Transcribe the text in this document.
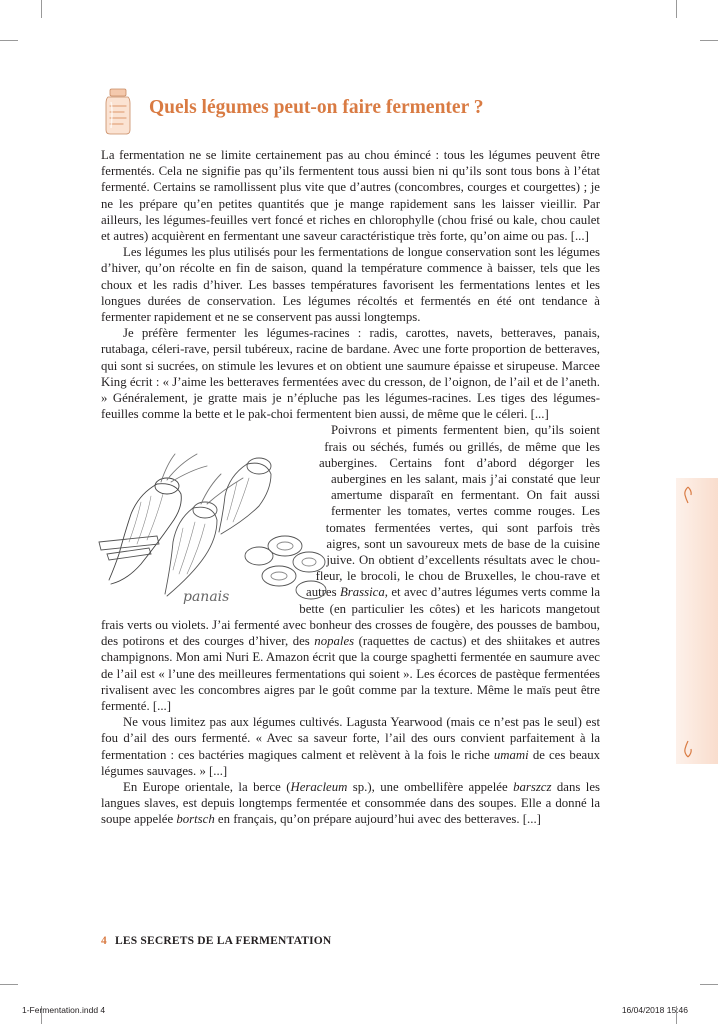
Quels légumes peut-on faire fermenter ?

La fermentation ne se limite certainement pas au chou émincé : tous les légumes peuvent être fermentés. Cela ne signifie pas qu’ils fermentent tous aussi bien ni qu’ils sont tous bons à l’état fermenté. Certains se ramollissent plus vite que d’autres (concombres, courges et courgettes) ; je ne les prépare qu’en petites quantités que je mange rapidement sans les laisser vieillir. Par ailleurs, les légumes-feuilles vert foncé et riches en chlorophylle (chou frisé ou kale, chou caulet et autres) acquièrent en fermentant une saveur caractéristique très forte, qu’on aime ou pas. [...]

Les légumes les plus utilisés pour les fermentations de longue conservation sont les légumes d’hiver, qu’on récolte en fin de saison, quand la température commence à baisser, tels que les choux et les radis d’hiver. Les basses températures favorisent les fermentations lentes et les longues durées de conservation. Les légumes récoltés et fermentés en été ont tendance à fermenter rapidement et ne se conservent pas aussi longtemps.

Je préfère fermenter les légumes-racines : radis, carottes, navets, betteraves, panais, rutabaga, céleri-rave, persil tubéreux, racine de bardane. Avec une forte proportion de betteraves, qui sont si sucrées, on stimule les levures et on obtient une saumure épaisse et sirupeuse. Marcee King écrit : « J’aime les betteraves fermentées avec du cresson, de l’oignon, de l’ail et de l’aneth. » Généralement, je gratte mais je n’épluche pas les légumes-racines. Les tiges des légumes-feuilles comme la bette et le pak-choi fermentent bien aussi, de même que le céleri. [...]

panais
Poivrons et piments fermentent bien, qu’ils soient frais ou séchés, fumés ou grillés, de même que les aubergines. Certains font d’abord dégorger les aubergines en les salant, mais j’ai constaté que leur amertume disparaît en fermentant. On fait aussi fermenter les tomates, vertes comme rouges. Les tomates fermentées vertes, qui sont parfois très aigres, sont un savoureux mets de base de la cuisine juive. On obtient d’excellents résultats avec le chou-fleur, le brocoli, le chou de Bruxelles, le chou-rave et autres Brassica, et avec d’autres légumes verts comme la bette (en particulier les côtes) et les haricots mangetout frais verts ou violets. J’ai fermenté avec bonheur des crosses de fougère, des pousses de bambou, des potirons et des courges d’hiver, des nopales (raquettes de cactus) et des shiitakes et autres champignons. Mon ami Nuri E. Amazon écrit que la courge spaghetti fermentée en saumure avec de l’ail est « l’une des meilleures fermentations qui soient ». Les écorces de pastèque fermentées rivalisent avec les concombres aigres par le goût comme par la texture. Même le maïs peut être fermenté. [...]

Ne vous limitez pas aux légumes cultivés. Lagusta Yearwood (mais ce n’est pas le seul) est fou d’ail des ours fermenté. « Avec sa saveur forte, l’ail des ours convient parfaitement à la fermentation : ces bactéries magiques calment et relèvent à la fois le riche umami de ces beaux légumes sauvages. » [...]

En Europe orientale, la berce (Heracleum sp.), une ombellifère appelée barszcz dans les langues slaves, est depuis longtemps fermentée et consommée dans des soupes. Elle a donné la soupe appelée bortsch en français, qu’on prépare aujourd’hui avec des betteraves. [...]

4 LES SECRETS DE LA FERMENTATION
1-Fermentation.indd 4	16/04/2018 15:46
